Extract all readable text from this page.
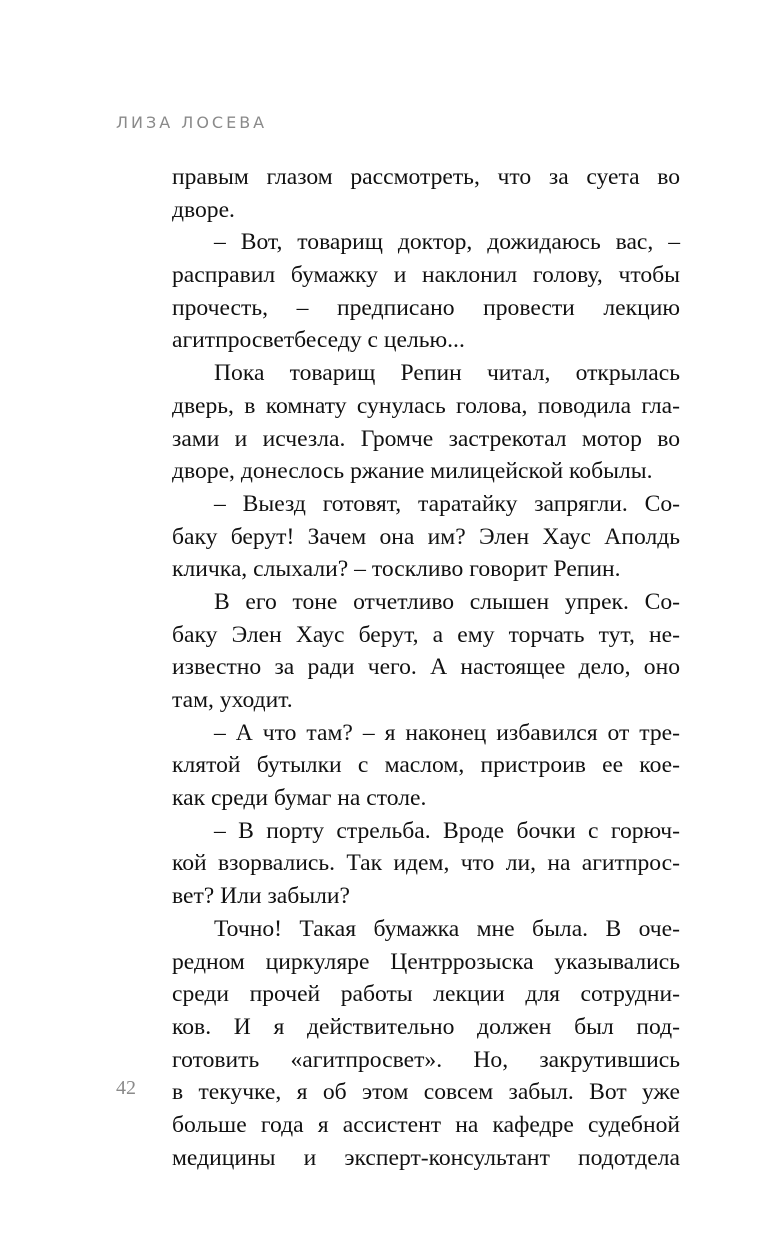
ЛИЗА ЛОСЕВА
правым глазом рассмотреть, что за суета во
дворе.
– Вот, товарищ доктор, дожидаюсь вас, –
расправил бумажку и наклонил голову, чтобы
прочесть, – предписано провести лекцию
агитпросветбеседу с целью...
Пока товарищ Репин читал, открылась
дверь, в комнату сунулась голова, поводила гла-
зами и исчезла. Громче застрекотал мотор во
дворе, донеслось ржание милицейской кобылы.
– Выезд готовят, таратайку запрягли. Со-
баку берут! Зачем она им? Элен Хаус Аполдь
кличка, слыхали? – тоскливо говорит Репин.
В его тоне отчетливо слышен упрек. Со-
баку Элен Хаус берут, а ему торчать тут, не-
известно за ради чего. А настоящее дело, оно
там, уходит.
– А что там? – я наконец избавился от тре-
клятой бутылки с маслом, пристроив ее кое-
как среди бумаг на столе.
– В порту стрельба. Вроде бочки с горюч-
кой взорвались. Так идем, что ли, на агитпрос-
вет? Или забыли?
Точно! Такая бумажка мне была. В оче-
редном циркуляре Центррозыска указывались
среди прочей работы лекции для сотрудни-
ков. И я действительно должен был под-
готовить «агитпросвет». Но, закрутившись
в текучке, я об этом совсем забыл. Вот уже
больше года я ассистент на кафедре судебной
медицины и эксперт-консультант подотдела
42
